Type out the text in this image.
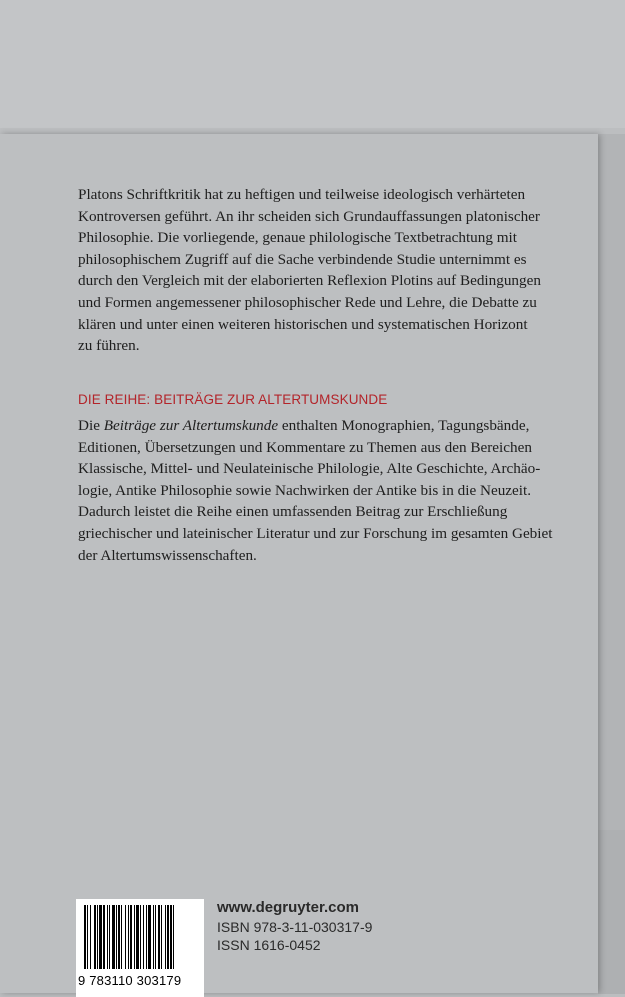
Platons Schriftkritik hat zu heftigen und teilweise ideologisch verhärteten
Kontroversen geführt. An ihr scheiden sich Grundauffassungen platonischer
Philosophie. Die vorliegende, genaue philologische Textbetrachtung mit
philosophischem Zugriff auf die Sache verbindende Studie unternimmt es
durch den Vergleich mit der elaborierten Reflexion Plotins auf Bedingungen
und Formen angemessener philosophischer Rede und Lehre, die Debatte zu
klären und unter einen weiteren historischen und systematischen Horizont
zu führen.

DIE REIHE: BEITRÄGE ZUR ALTERTUMSKUNDE

Die Beiträge zur Altertumskunde enthalten Monographien, Tagungsbände,
Editionen, Übersetzungen und Kommentare zu Themen aus den Bereichen
Klassische, Mittel- und Neulateinische Philologie, Alte Geschichte, Archäo-
logie, Antike Philosophie sowie Nachwirken der Antike bis in die Neuzeit.
Dadurch leistet die Reihe einen umfassenden Beitrag zur Erschließung
griechischer und lateinischer Literatur und zur Forschung im gesamten Gebiet
der Altertumswissenschaften.

9 783110 303179
www.degruyter.com
ISBN 978-3-11-030317-9
ISSN 1616-0452
